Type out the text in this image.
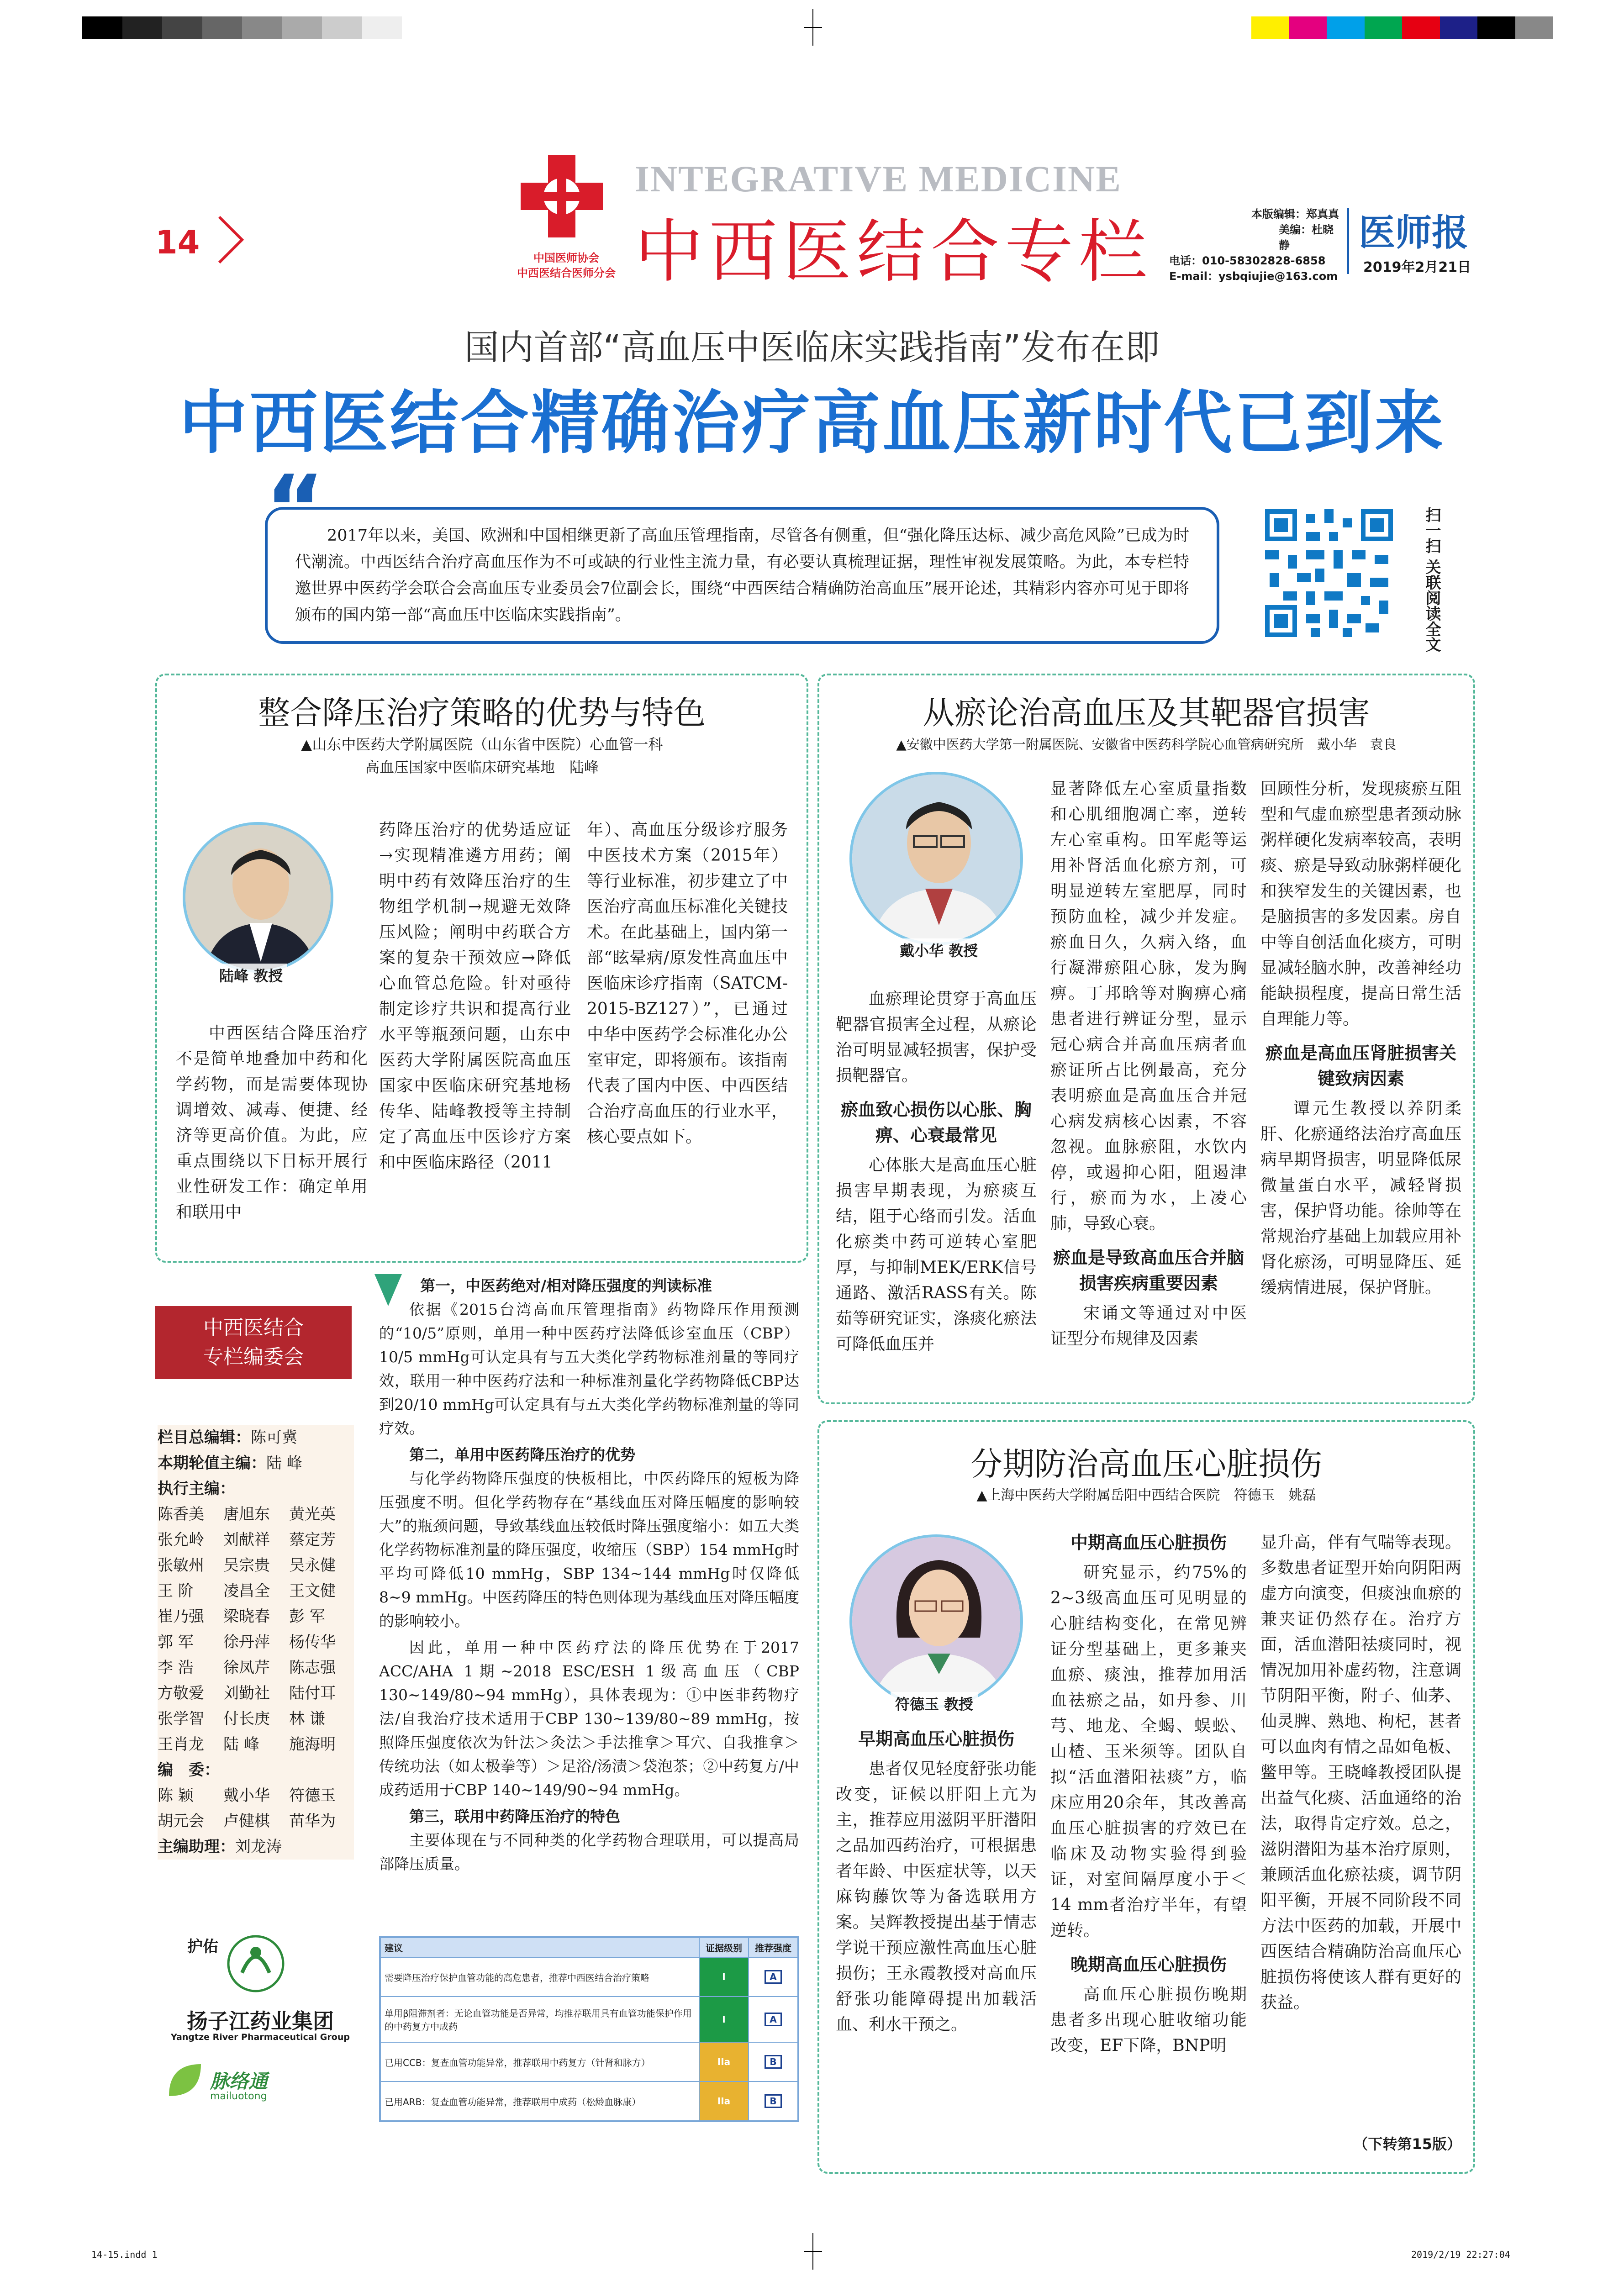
14	中国医师协会
中西医结合医师分会
INTEGRATIVE MEDICINE
中西医结合专栏	本版编辑：郑真真
美编：杜晓静
电话：010-58302828-6858
E-mail：ysbqiujie@163.com
医师报
2019年2月21日
国内首部“高血压中医临床实践指南”发布在即
中西医结合精确治疗高血压新时代已到来
“ 2017年以来，美国、欧洲和中国相继更新了高血压管理指南，尽管各有侧重，但“强化降压达标、减少高危风险”已成为时代潮流。中西医结合治疗高血压作为不可或缺的行业性主流力量，有必要认真梳理证据，理性审视发展策略。为此，本专栏特邀世界中医药学会联合会高血压专业委员会7位副会长，围绕“中西医结合精确防治高血压”展开论述，其精彩内容亦可见于即将颁布的国内第一部“高血压中医临床实践指南”。	扫一扫 关联阅读全文
整合降压治疗策略的优势与特色
▲山东中医药大学附属医院（山东省中医院）心血管一科
高血压国家中医临床研究基地　陆峰
陆峰 教授

中西医结合降压治疗不是简单地叠加中药和化学药物，而是需要体现协调增效、减毒、便捷、经济等更高价值。为此，应重点围绕以下目标开展行业性研发工作：确定单用和联用中

药降压治疗的优势适应证→实现精准遴方用药；阐明中药有效降压治疗的生物组学机制→规避无效降压风险；阐明中药联合方案的复杂干预效应→降低心血管总危险。针对亟待制定诊疗共识和提高行业水平等瓶颈问题，山东中医药大学附属医院高血压国家中医临床研究基地杨传华、陆峰教授等主持制定了高血压中医诊疗方案和中医临床路径（2011

年）、高血压分级诊疗服务中医技术方案（2015年）等行业标准，初步建立了中医治疗高血压标准化关键技术。在此基础上，国内第一部“眩晕病/原发性高血压中医临床诊疗指南（SATCM-2015-BZ127）”，已通过中华中医药学会标准化办公室审定，即将颁布。该指南代表了国内中医、中西医结合治疗高血压的行业水平，核心要点如下。

第一，中医药绝对/相对降压强度的判读标准

依据《2015台湾高血压管理指南》药物降压作用预测的“10/5”原则，单用一种中医药疗法降低诊室血压（CBP）10/5 mmHg可认定具有与五大类化学药物标准剂量的等同疗效，联用一种中医药疗法和一种标准剂量化学药物降低CBP达到20/10 mmHg可认定具有与五大类化学药物标准剂量的等同疗效。

第二，单用中医药降压治疗的优势

与化学药物降压强度的快板相比，中医药降压的短板为降压强度不明。但化学药物存在“基线血压对降压幅度的影响较大”的瓶颈问题，导致基线血压较低时降压强度缩小：如五大类化学药物标准剂量的降压强度，收缩压（SBP）154 mmHg时平均可降低10 mmHg，SBP 134~144 mmHg时仅降低8~9 mmHg。中医药降压的特色则体现为基线血压对降压幅度的影响较小。

因此，单用一种中医药疗法的降压优势在于2017 ACC/AHA 1期~2018 ESC/ESH 1级高血压（CBP 130~149/80~94 mmHg），具体表现为：①中医非药物疗法/自我治疗技术适用于CBP 130~139/80~89 mmHg，按照降压强度依次为针法＞灸法＞手法推拿＞耳穴、自我推拿＞传统功法（如太极拳等）＞足浴/汤渍＞袋泡茶；②中药复方/中成药适用于CBP 140~149/90~94 mmHg。

第三，联用中药降压治疗的特色

主要体现在与不同种类的化学药物合理联用，可以提高局部降压质量。

建议	证据级别	推荐强度
需要降压治疗保护血管功能的高危患者，推荐中西医结合治疗策略	I	A
单用β阻滞剂者：无论血管功能是否异常，均推荐联用具有血管功能保护作用的中药复方中成药	I	A
已用CCB：复查血管功能异常，推荐联用中药复方（针肾和脉方）	IIa	B
已用ARB：复查血管功能异常，推荐联用中成药（松龄血脉康）	IIa	B
中西医结合
专栏编委会

栏目总编辑：陈可冀

本期轮值主编：陆 峰

执行主编：

陈香美	唐旭东	黄光英

张允岭	刘献祥	蔡定芳

张敏州	吴宗贵	吴永健

王 阶	凌昌全	王文健

崔乃强	梁晓春	彭 军

郭 军	徐丹萍	杨传华

李 浩	徐凤芹	陈志强

方敬爱	刘勤社	陆付耳

张学智	付长庚	林 谦

王肖龙	陆 峰	施海明

编　委：

陈 颖	戴小华	符德玉

胡元会	卢健棋	苗华为

主编助理：刘龙涛

护佑
扬子江药业集团
Yangtze River Pharmaceutical Group
脉络通
mailuotong
从瘀论治高血压及其靶器官损害
▲安徽中医药大学第一附属医院、安徽省中医药科学院心血管病研究所　戴小华　袁良
戴小华 教授

血瘀理论贯穿于高血压靶器官损害全过程，从瘀论治可明显减轻损害，保护受损靶器官。

瘀血致心损伤以心胀、胸痹、心衰最常见

心体胀大是高血压心脏损害早期表现，为瘀痰互结，阻于心络而引发。活血化瘀类中药可逆转心室肥厚，与抑制MEK/ERK信号通路、激活RASS有关。陈茹等研究证实，涤痰化瘀法可降低血压并

显著降低左心室质量指数和心肌细胞凋亡率，逆转左心室重构。田军彪等运用补肾活血化瘀方剂，可明显逆转左室肥厚，同时预防血栓，减少并发症。瘀血日久，久病入络，血行凝滞瘀阻心脉，发为胸痹。丁邦晗等对胸痹心痛患者进行辨证分型，显示冠心病合并高血压病者血瘀证所占比例最高，充分表明瘀血是高血压合并冠心病发病核心因素，不容忽视。血脉瘀阻，水饮内停，或遏抑心阳，阻遏津行，瘀而为水，上凌心肺，导致心衰。

瘀血是导致高血压合并脑损害疾病重要因素

宋诵文等通过对中医证型分布规律及因素

回顾性分析，发现痰瘀互阻型和气虚血瘀型患者颈动脉粥样硬化发病率较高，表明痰、瘀是导致动脉粥样硬化和狭窄发生的关键因素，也是脑损害的多发因素。房自中等自创活血化痰方，可明显减轻脑水肿，改善神经功能缺损程度，提高日常生活自理能力等。

瘀血是高血压肾脏损害关键致病因素

谭元生教授以养阴柔肝、化瘀通络法治疗高血压病早期肾损害，明显降低尿微量蛋白水平，减轻肾损害，保护肾功能。徐帅等在常规治疗基础上加载应用补肾化瘀汤，可明显降压、延缓病情进展，保护肾脏。

分期防治高血压心脏损伤
▲上海中医药大学附属岳阳中西结合医院　符德玉　姚磊
符德玉 教授
早期高血压心脏损伤

患者仅见轻度舒张功能改变，证候以肝阳上亢为主，推荐应用滋阴平肝潜阳之品加西药治疗，可根据患者年龄、中医症状等，以天麻钩藤饮等为备选联用方案。吴辉教授提出基于情志学说干预应激性高血压心脏损伤；王永霞教授对高血压舒张功能障碍提出加载活血、利水干预之。

中期高血压心脏损伤

研究显示，约75%的2~3级高血压可见明显的心脏结构变化，在常见辨证分型基础上，更多兼夹血瘀、痰浊，推荐加用活血祛瘀之品，如丹参、川芎、地龙、全蝎、蜈蚣、山楂、玉米须等。团队自拟“活血潜阳祛痰”方，临床应用20余年，其改善高血压心脏损害的疗效已在临床及动物实验得到验证，对室间隔厚度小于＜14 mm者治疗半年，有望逆转。

晚期高血压心脏损伤

高血压心脏损伤晚期患者多出现心脏收缩功能改变，EF下降，BNP明

显升高，伴有气喘等表现。多数患者证型开始向阴阳两虚方向演变，但痰浊血瘀的兼夹证仍然存在。治疗方面，活血潜阳祛痰同时，视情况加用补虚药物，注意调节阴阳平衡，附子、仙茅、仙灵脾、熟地、枸杞，甚者可以血肉有情之品如龟板、鳖甲等。王晓峰教授团队提出益气化痰、活血通络的治法，取得肯定疗效。总之，滋阴潜阳为基本治疗原则，兼顾活血化瘀祛痰，调节阴阳平衡，开展不同阶段不同方法中医药的加载，开展中西医结合精确防治高血压心脏损伤将使该人群有更好的获益。

（下转第15版）
14-15.indd 1	2019/2/19 22:27:04
